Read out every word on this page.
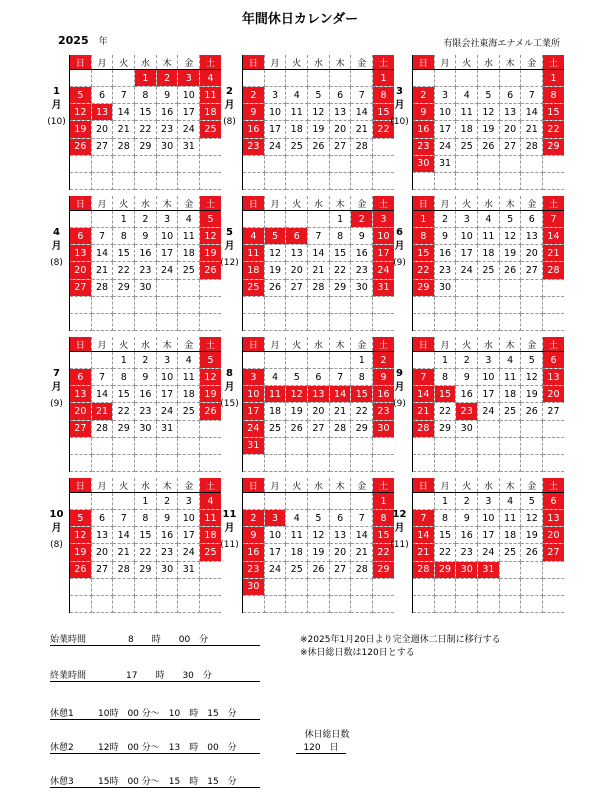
年間休日カレンダー
2025 年	有限会社東海エナメル工業所
1
月
(10)
日	月	火	水	木	金	土
			1	2	3	4
5	6	7	8	9	10	11
12	13	14	15	16	17	18
19	20	21	22	23	24	25
26	27	28	29	30	31	

2
月
(8)
日	月	火	水	木	金	土
						1
2	3	4	5	6	7	8
9	10	11	12	13	14	15
16	17	18	19	20	21	22
23	24	25	26	27	28	

3
月
(10)
日	月	火	水	木	金	土
						1
2	3	4	5	6	7	8
9	10	11	12	13	14	15
16	17	18	19	20	21	22
23	24	25	26	27	28	29
30	31					

4
月
(8)
日	月	火	水	木	金	土
		1	2	3	4	5
6	7	8	9	10	11	12
13	14	15	16	17	18	19
20	21	22	23	24	25	26
27	28	29	30			

5
月
(12)
日	月	火	水	木	金	土
				1	2	3
4	5	6	7	8	9	10
11	12	13	14	15	16	17
18	19	20	21	22	23	24
25	26	27	28	29	30	31

6
月
(9)
日	月	火	水	木	金	土
1	2	3	4	5	6	7
8	9	10	11	12	13	14
15	16	17	18	19	20	21
22	23	24	25	26	27	28
29	30					

7
月
(9)
日	月	火	水	木	金	土
		1	2	3	4	5
6	7	8	9	10	11	12
13	14	15	16	17	18	19
20	21	22	23	24	25	26
27	28	29	30	31		

8
月
(15)
日	月	火	水	木	金	土
					1	2
3	4	5	6	7	8	9
10	11	12	13	14	15	16
17	18	19	20	21	22	23
24	25	26	27	28	29	30
31						

9
月
(9)
日	月	火	水	木	金	土
	1	2	3	4	5	6
7	8	9	10	11	12	13
14	15	16	17	18	19	20
21	22	23	24	25	26	27
28	29	30				

10
月
(8)
日	月	火	水	木	金	土
			1	2	3	4
5	6	7	8	9	10	11
12	13	14	15	16	17	18
19	20	21	22	23	24	25
26	27	28	29	30	31	

11
月
(11)
日	月	火	水	木	金	土
						1
2	3	4	5	6	7	8
9	10	11	12	13	14	15
16	17	18	19	20	21	22
23	24	25	26	27	28	29
30						

12
月
(11)
日	月	火	水	木	金	土
	1	2	3	4	5	6
7	8	9	10	11	12	13
14	15	16	17	18	19	20
21	22	23	24	25	26	27
28	29	30	31			

始業時間	8　　時　　00　分
終業時間	17　　時　　30　分
休憩1	10時　00 分～　10　時　15　分
休憩2	12時　00 分～　13　時　00　分
休憩3	15時　00 分～　15　時　15　分
※2025年1月20日より完全週休二日制に移行する
※休日総日数は120日とする
休日総日数
120　日
